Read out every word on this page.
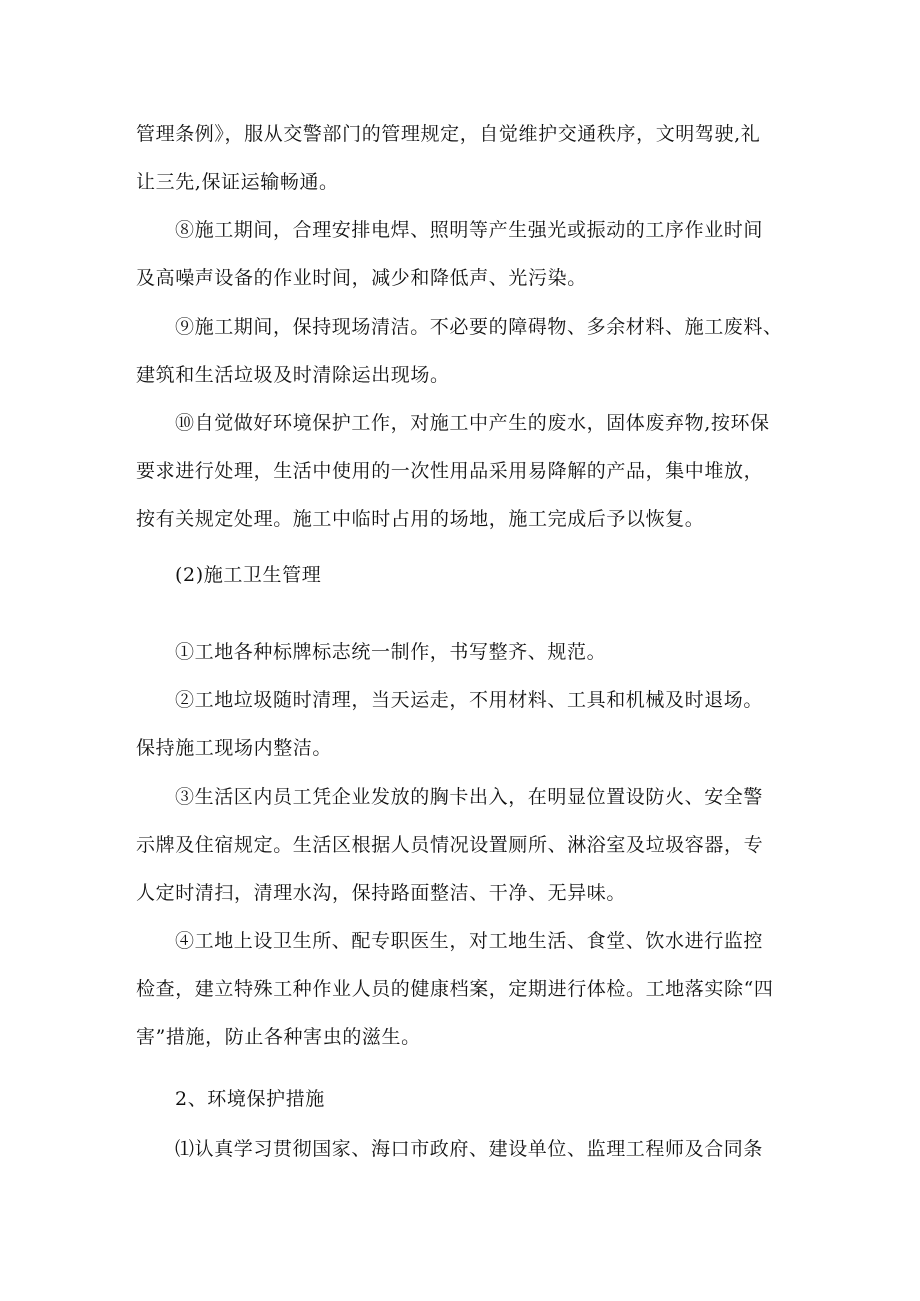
管理条例》，服从交警部门的管理规定，自觉维护交通秩序，文明驾驶,礼
让三先,保证运输畅通。
⑧施工期间，合理安排电焊、照明等产生强光或振动的工序作业时间
及高噪声设备的作业时间，减少和降低声、光污染。
⑨施工期间，保持现场清洁。不必要的障碍物、多余材料、施工废料、
建筑和生活垃圾及时清除运出现场。
⑩自觉做好环境保护工作，对施工中产生的废水，固体废弃物,按环保
要求进行处理，生活中使用的一次性用品采用易降解的产品，集中堆放，
按有关规定处理。施工中临时占用的场地，施工完成后予以恢复。
(2)施工卫生管理
①工地各种标牌标志统一制作，书写整齐、规范。
②工地垃圾随时清理，当天运走，不用材料、工具和机械及时退场。
保持施工现场内整洁。
③生活区内员工凭企业发放的胸卡出入，在明显位置设防火、安全警
示牌及住宿规定。生活区根据人员情况设置厕所、淋浴室及垃圾容器，专
人定时清扫，清理水沟，保持路面整洁、干净、无异味。
④工地上设卫生所、配专职医生，对工地生活、食堂、饮水进行监控
检查，建立特殊工种作业人员的健康档案，定期进行体检。工地落实除“四
害”措施，防止各种害虫的滋生。
2、环境保护措施
⑴认真学习贯彻国家、海口市政府、建设单位、监理工程师及合同条
